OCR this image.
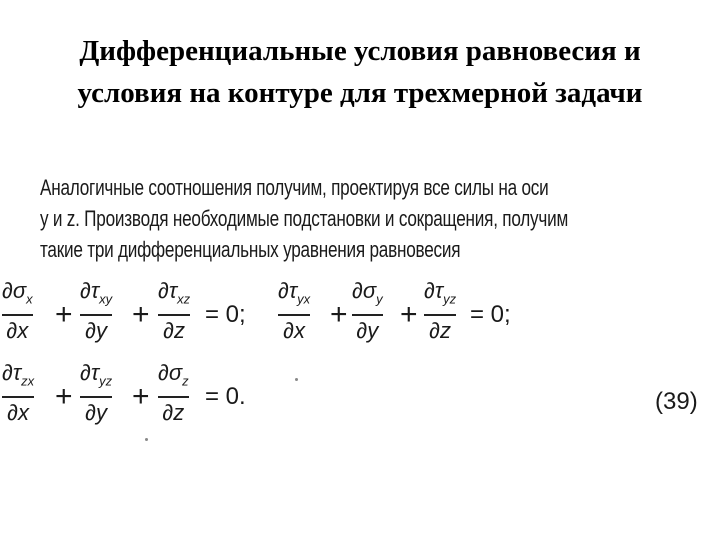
Дифференциальные условия равновесия и
условия на контуре для трехмерной задачи
Аналогичные соотношения получим, проектируя все силы на оси
y и z. Производя необходимые подстановки и сокращения, получим
такие три дифференциальных уравнения равновесия
$\partial\sigma_x$
∂x +
$\partial\tau_{xy}$
∂y +
$\partial\tau_{xz}$
∂z
= 0;
$\partial\tau_{yx}$
∂x +
$\partial\sigma_y$
∂y +
$\partial\tau_{yz}$
∂z
= 0;
$\partial\tau_{zx}$
∂x +
$\partial\tau_{yz}$
∂y +
$\partial\sigma_z$
∂z
= 0.	(39)
